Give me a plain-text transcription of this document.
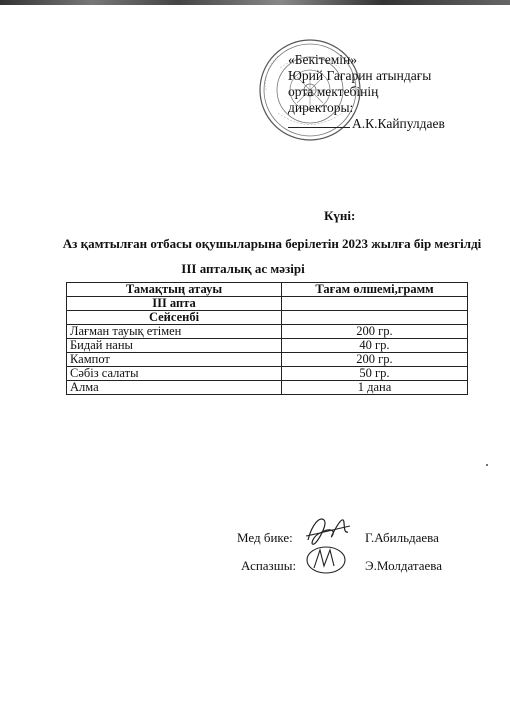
«Бекітемін»
Юрий Гагарин атындағы
орта мектебінің
директоры:
А.К.Кайпулдаев
Күні:
Аз қамтылған отбасы оқушыларына берілетін 2023 жылға бір мезгілді
III апталық ас мәзірі
Тамақтың атауы	Тағам өлшемі,грамм
III апта	
Сейсенбі	
Лағман тауық етімен	200 гр.
Бидай наны	40 гр.
Кампот	200 гр.
Сәбіз салаты	50 гр.
Алма	1 дана
Мед бике:	Г.Абильдаева
Аспазшы:	Э.Молдатаева
